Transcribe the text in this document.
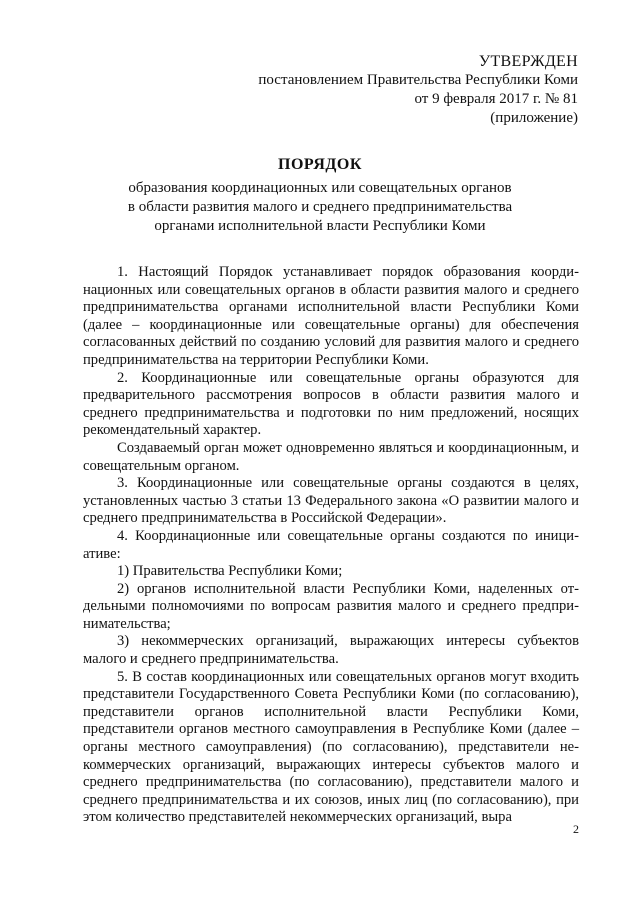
УТВЕРЖДЕН
постановлением Правительства Республики Коми
от 9 февраля 2017 г. № 81
(приложение)
ПОРЯДОК
образования координационных или совещательных органов
в области развития малого и среднего предпринимательства
органами исполнительной власти Республики Коми

1. Настоящий Порядок устанавливает порядок образования координационных или совещательных органов в области развития малого и среднего предпринимательства органами исполнительной власти Республики Коми (далее – координационные или совещательные органы) для обеспечения согласованных действий по созданию условий для развития малого и среднего предпринимательства на территории Республики Коми.

2. Координационные или совещательные органы образуются для предварительного рассмотрения вопросов в области развития малого и среднего предпринимательства и подготовки по ним предложений, носящих рекомендательный характер.

Создаваемый орган может одновременно являться и координационным, и совещательным органом.

3. Координационные или совещательные органы создаются в целях, установленных частью 3 статьи 13 Федерального закона «О развитии малого и среднего предпринимательства в Российской Федерации».

4. Координационные или совещательные органы создаются по инициативе:

1) Правительства Республики Коми;

2) органов исполнительной власти Республики Коми, наделенных отдельными полномочиями по вопросам развития малого и среднего предпринимательства;

3) некоммерческих организаций, выражающих интересы субъектов малого и среднего предпринимательства.

5. В состав координационных или совещательных органов могут входить представители Государственного Совета Республики Коми (по согласованию), представители органов исполнительной власти Республики Коми, представители органов местного самоуправления в Республике Коми (далее – органы местного самоуправления) (по согласованию), представители некоммерческих организаций, выражающих интересы субъектов малого и среднего предпринимательства (по согласованию), представители малого и среднего предпринимательства и их союзов, иных лиц (по согласованию), при этом количество представителей некоммерческих организаций, выра

2
